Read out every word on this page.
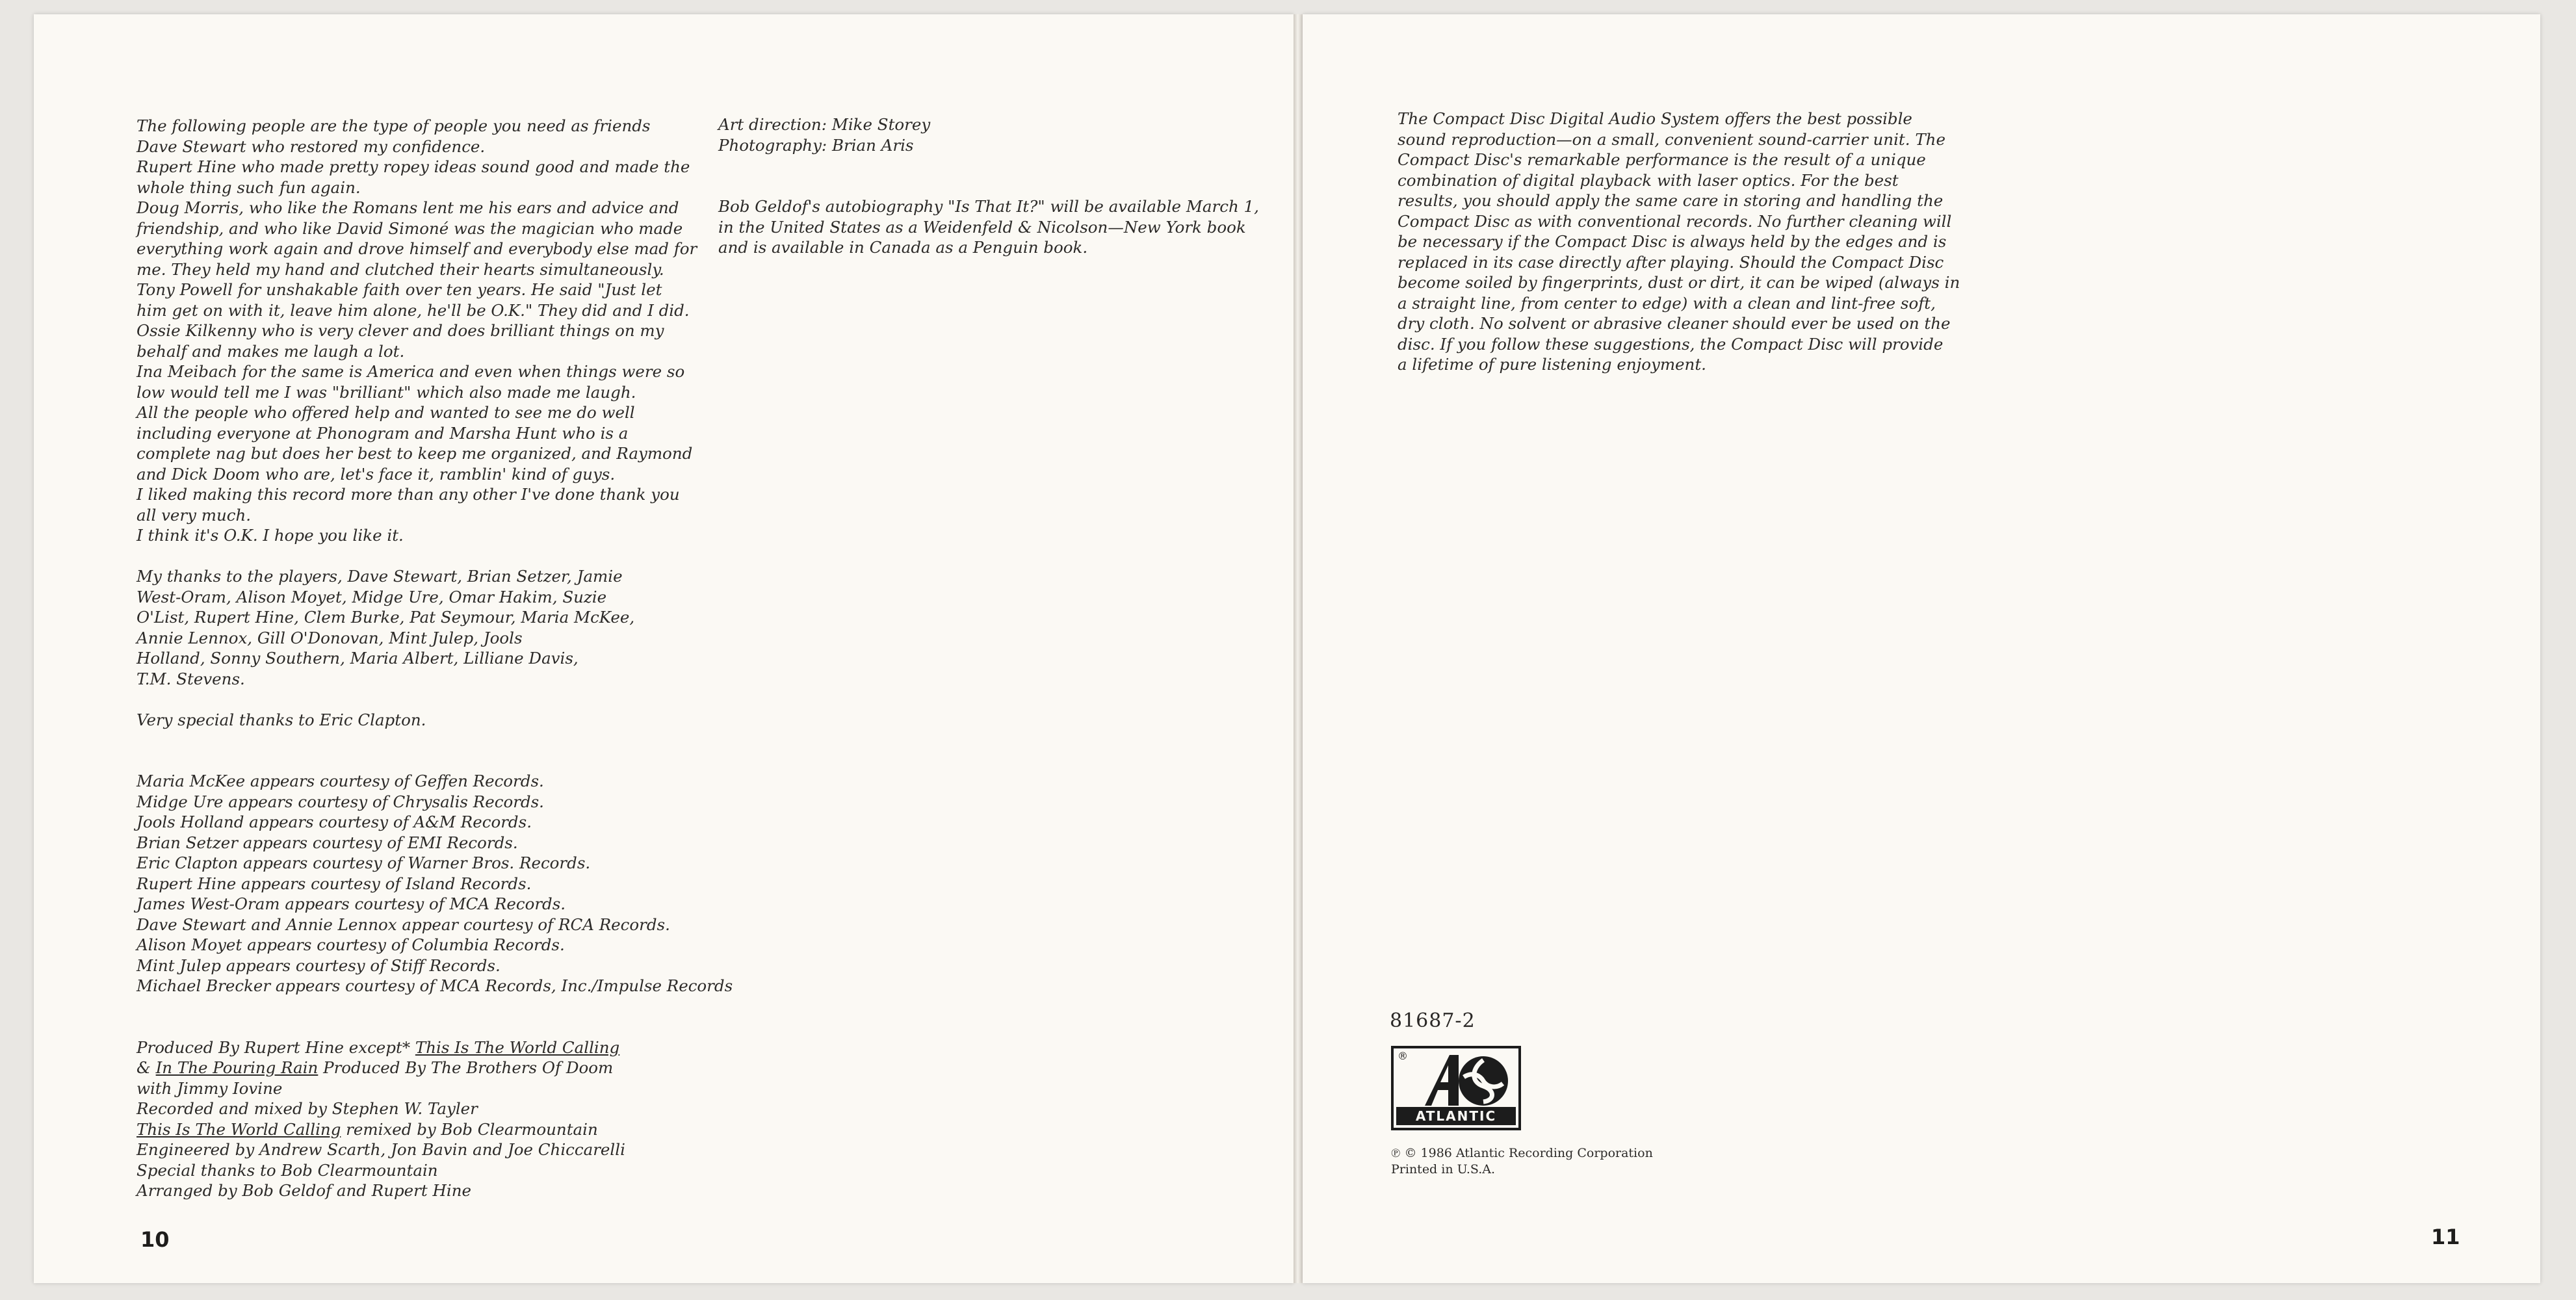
The following people are the type of people you need as friends
Dave Stewart who restored my confidence.
Rupert Hine who made pretty ropey ideas sound good and made the
whole thing such fun again.
Doug Morris, who like the Romans lent me his ears and advice and
friendship, and who like David Simoné was the magician who made
everything work again and drove himself and everybody else mad for
me. They held my hand and clutched their hearts simultaneously.
Tony Powell for unshakable faith over ten years. He said "Just let
him get on with it, leave him alone, he'll be O.K." They did and I did.
Ossie Kilkenny who is very clever and does brilliant things on my
behalf and makes me laugh a lot.
Ina Meibach for the same is America and even when things were so
low would tell me I was "brilliant" which also made me laugh.
All the people who offered help and wanted to see me do well
including everyone at Phonogram and Marsha Hunt who is a
complete nag but does her best to keep me organized, and Raymond
and Dick Doom who are, let's face it, ramblin' kind of guys.
I liked making this record more than any other I've done thank you
all very much.
I think it's O.K. I hope you like it.
My thanks to the players, Dave Stewart, Brian Setzer, Jamie
West-Oram, Alison Moyet, Midge Ure, Omar Hakim, Suzie
O'List, Rupert Hine, Clem Burke, Pat Seymour, Maria McKee,
Annie Lennox, Gill O'Donovan, Mint Julep, Jools
Holland, Sonny Southern, Maria Albert, Lilliane Davis,
T.M. Stevens.
Very special thanks to Eric Clapton.
Maria McKee appears courtesy of Geffen Records.
Midge Ure appears courtesy of Chrysalis Records.
Jools Holland appears courtesy of A&M Records.
Brian Setzer appears courtesy of EMI Records.
Eric Clapton appears courtesy of Warner Bros. Records.
Rupert Hine appears courtesy of Island Records.
James West-Oram appears courtesy of MCA Records.
Dave Stewart and Annie Lennox appear courtesy of RCA Records.
Alison Moyet appears courtesy of Columbia Records.
Mint Julep appears courtesy of Stiff Records.
Michael Brecker appears courtesy of MCA Records, Inc./Impulse Records
Produced By Rupert Hine except* This Is The World Calling
& In The Pouring Rain Produced By The Brothers Of Doom
with Jimmy Iovine
Recorded and mixed by Stephen W. Tayler
This Is The World Calling remixed by Bob Clearmountain
Engineered by Andrew Scarth, Jon Bavin and Joe Chiccarelli
Special thanks to Bob Clearmountain
Arranged by Bob Geldof and Rupert Hine
Art direction: Mike Storey
Photography: Brian Aris
Bob Geldof's autobiography "Is That It?" will be available March 1,
in the United States as a Weidenfeld & Nicolson—New York book
and is available in Canada as a Penguin book.
The Compact Disc Digital Audio System offers the best possible
sound reproduction—on a small, convenient sound-carrier unit. The
Compact Disc's remarkable performance is the result of a unique
combination of digital playback with laser optics. For the best
results, you should apply the same care in storing and handling the
Compact Disc as with conventional records. No further cleaning will
be necessary if the Compact Disc is always held by the edges and is
replaced in its case directly after playing. Should the Compact Disc
become soiled by fingerprints, dust or dirt, it can be wiped (always in
a straight line, from center to edge) with a clean and lint-free soft,
dry cloth. No solvent or abrasive cleaner should ever be used on the
disc. If you follow these suggestions, the Compact Disc will provide
a lifetime of pure listening enjoyment.
10	11
81687-2
®
ATLANTIC
℗ © 1986 Atlantic Recording Corporation
Printed in U.S.A.
